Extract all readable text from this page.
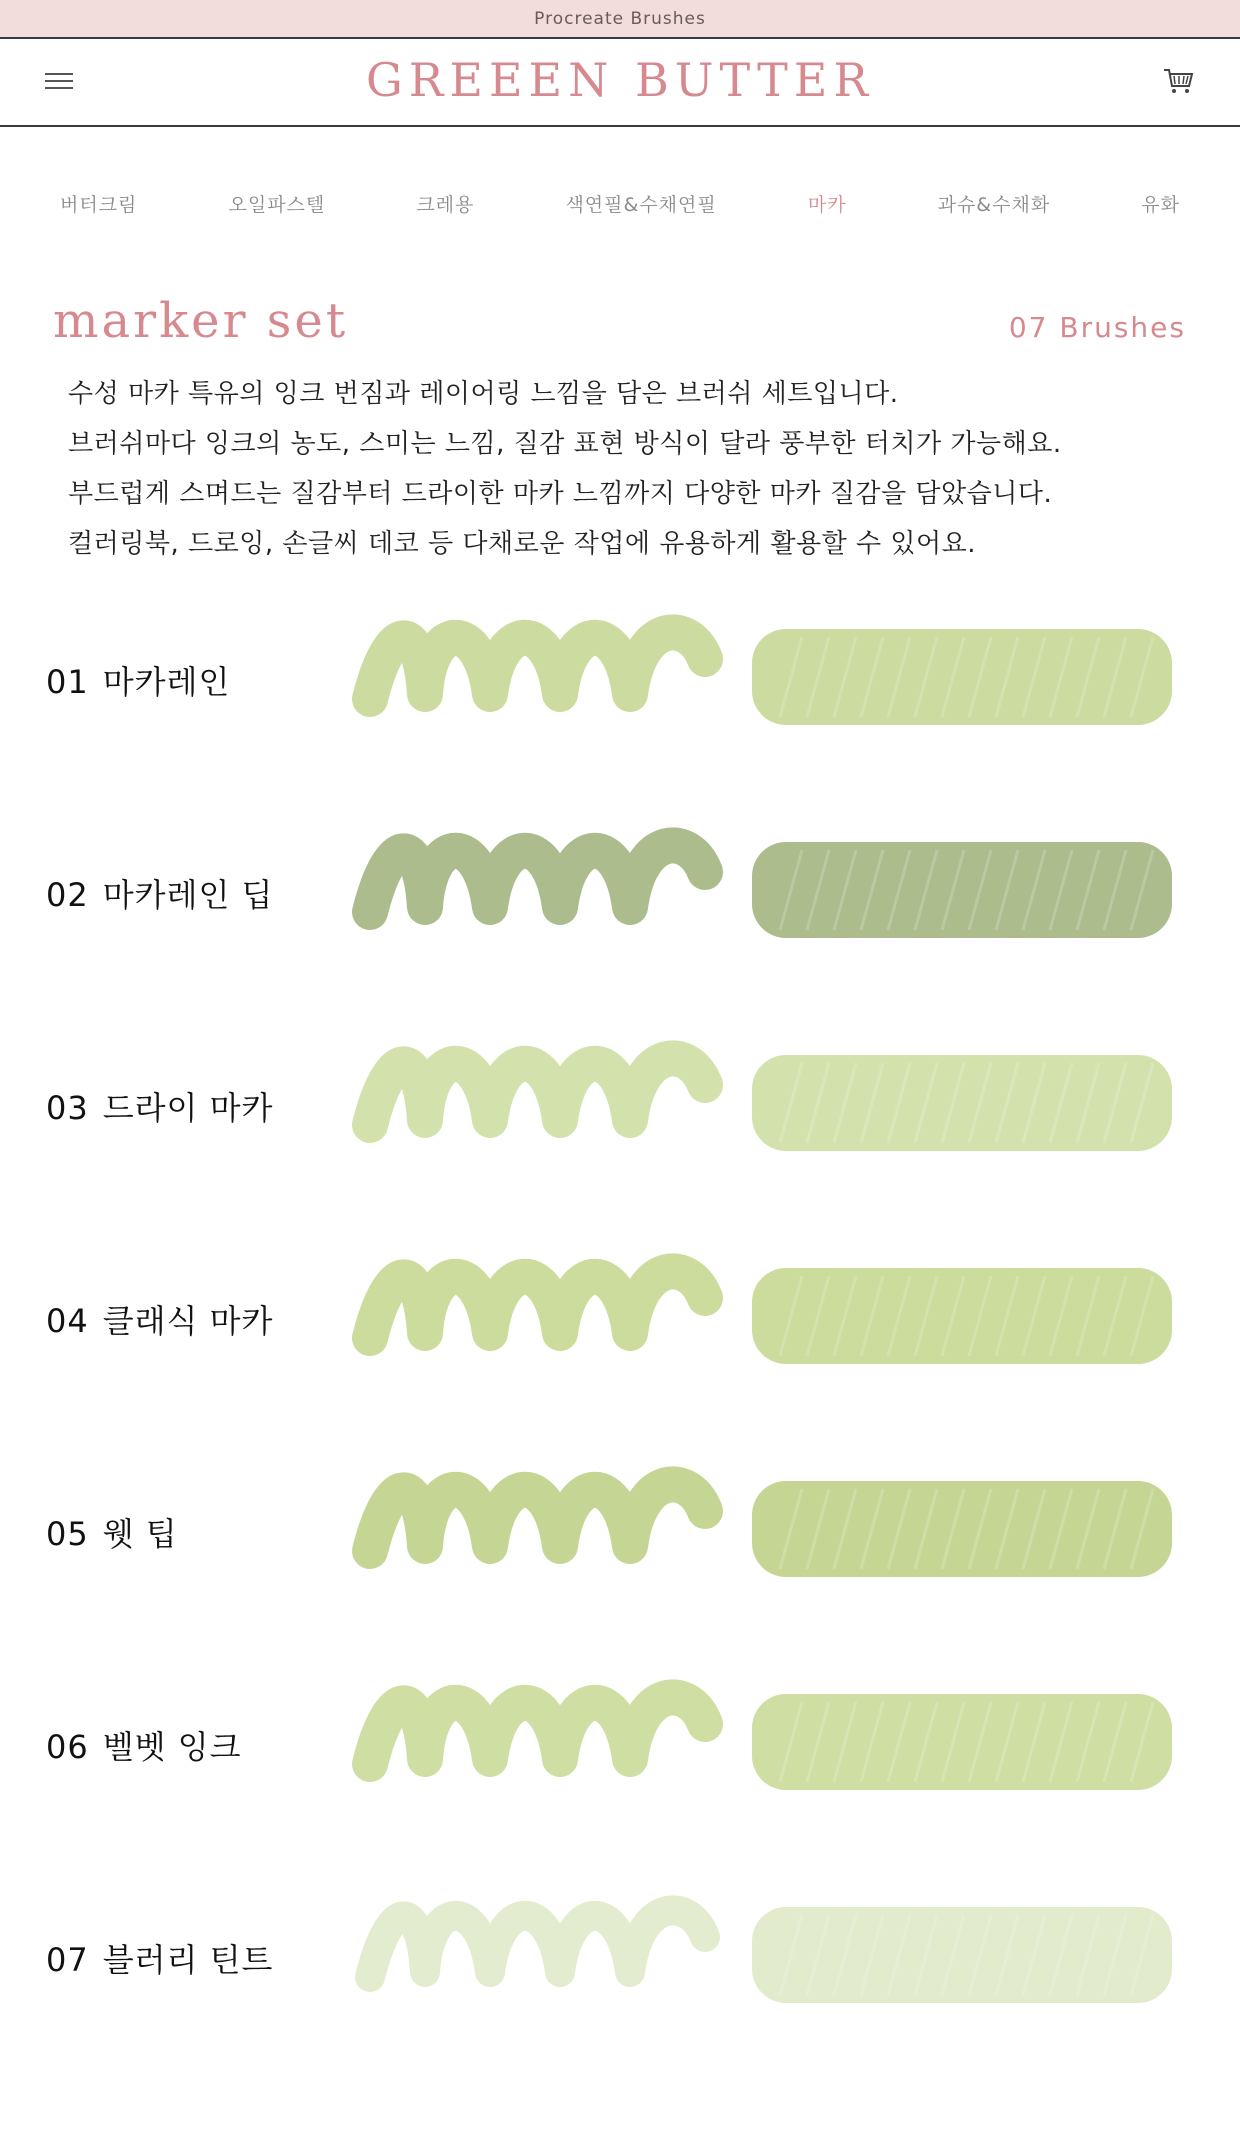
Procreate Brushes
GREEEN BUTTER
버터크림	오일파스텔	크레용	색연필&수채연필	마카	과슈&수채화	유화
marker set	07 Brushes

수성 마카 특유의 잉크 번짐과 레이어링 느낌을 담은 브러쉬 세트입니다.

브러쉬마다 잉크의 농도, 스미는 느낌, 질감 표현 방식이 달라 풍부한 터치가 가능해요.

부드럽게 스며드는 질감부터 드라이한 마카 느낌까지 다양한 마카 질감을 담았습니다.

컬러링북, 드로잉, 손글씨 데코 등 다채로운 작업에 유용하게 활용할 수 있어요.

01 마카레인
02 마카레인 딥
03 드라이 마카
04 클래식 마카
05 웻 팁
06 벨벳 잉크
07 블러리 틴트
